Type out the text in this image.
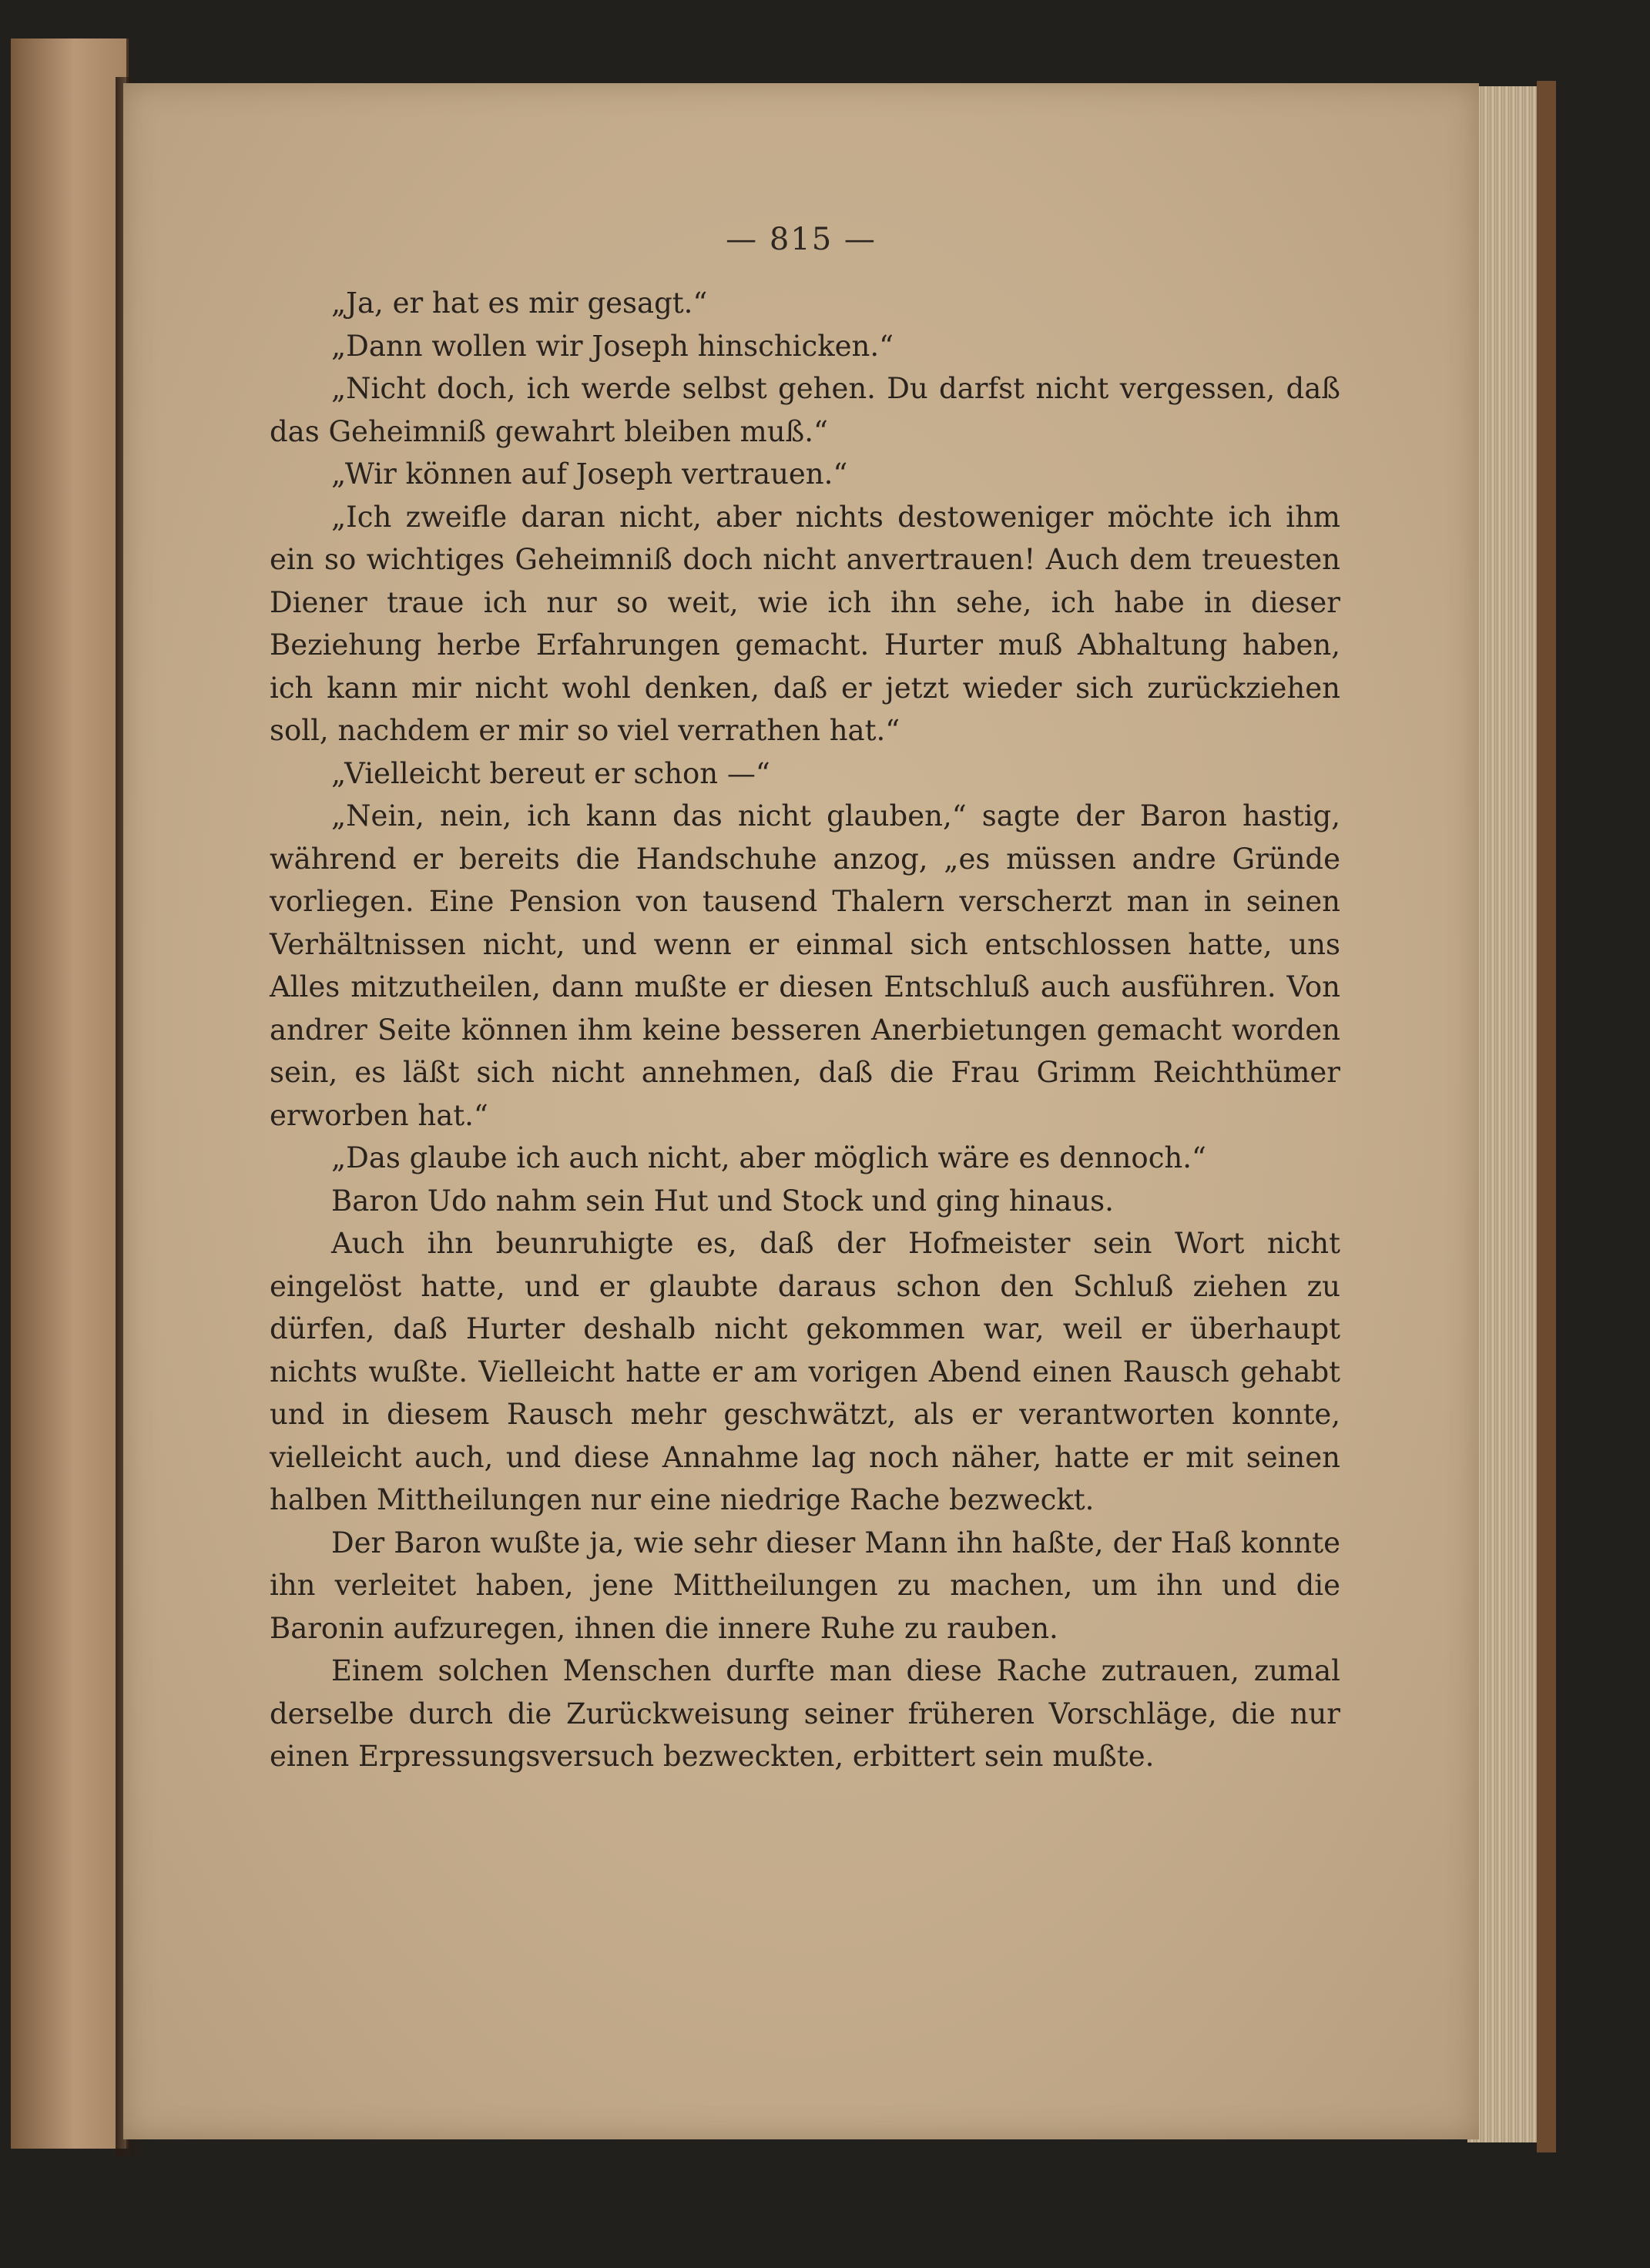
— 815 —

„Ja, er hat es mir gesagt.“

„Dann wollen wir Joseph hinschicken.“

„Nicht doch, ich werde selbst gehen. Du darfst nicht vergessen, daß das Geheimniß gewahrt bleiben muß.“

„Wir können auf Joseph vertrauen.“

„Ich zweifle daran nicht, aber nichts destoweniger möchte ich ihm ein so wichtiges Geheimniß doch nicht anvertrauen! Auch dem treuesten Diener traue ich nur so weit, wie ich ihn sehe, ich habe in dieser Beziehung herbe Erfahrungen gemacht. Hurter muß Abhaltung haben, ich kann mir nicht wohl denken, daß er jetzt wieder sich zurückziehen soll, nachdem er mir so viel verrathen hat.“

„Vielleicht bereut er schon —“

„Nein, nein, ich kann das nicht glauben,“ sagte der Baron hastig, während er bereits die Handschuhe anzog, „es müssen andre Gründe vorliegen. Eine Pension von tausend Thalern verscherzt man in seinen Verhältnissen nicht, und wenn er einmal sich entschlossen hatte, uns Alles mitzutheilen, dann mußte er diesen Entschluß auch ausführen. Von andrer Seite können ihm keine besseren Anerbietungen gemacht worden sein, es läßt sich nicht annehmen, daß die Frau Grimm Reichthümer erworben hat.“

„Das glaube ich auch nicht, aber möglich wäre es dennoch.“

Baron Udo nahm sein Hut und Stock und ging hinaus.

Auch ihn beunruhigte es, daß der Hofmeister sein Wort nicht eingelöst hatte, und er glaubte daraus schon den Schluß ziehen zu dürfen, daß Hurter deshalb nicht gekommen war, weil er überhaupt nichts wußte. Vielleicht hatte er am vorigen Abend einen Rausch gehabt und in diesem Rausch mehr geschwätzt, als er verantworten konnte, vielleicht auch, und diese Annahme lag noch näher, hatte er mit seinen halben Mittheilungen nur eine niedrige Rache bezweckt.

Der Baron wußte ja, wie sehr dieser Mann ihn haßte, der Haß konnte ihn verleitet haben, jene Mittheilungen zu machen, um ihn und die Baronin aufzuregen, ihnen die innere Ruhe zu rauben.

Einem solchen Menschen durfte man diese Rache zutrauen, zumal derselbe durch die Zurückweisung seiner früheren Vorschläge, die nur einen Erpressungsversuch bezweckten, erbittert sein mußte.
